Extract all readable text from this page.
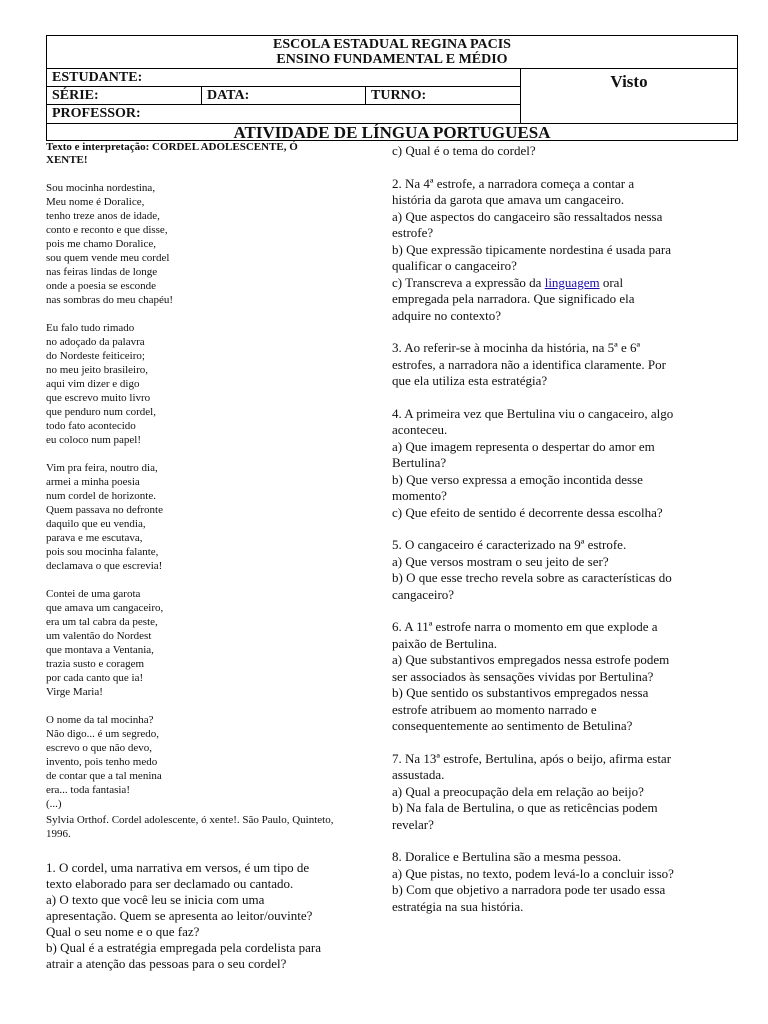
ESCOLA ESTADUAL REGINA PACIS
ENSINO FUNDAMENTAL E MÉDIO
ESTUDANTE:
SÉRIE:	DATA:	TURNO:
PROFESSOR:
Visto
ATIVIDADE DE LÍNGUA PORTUGUESA
Texto e interpretação: CORDEL ADOLESCENTE, Ó
XENTE!
Sou mocinha nordestina,
Meu nome é Doralice,
tenho treze anos de idade,
conto e reconto e que disse,
pois me chamo Doralice,
sou quem vende meu cordel
nas feiras lindas de longe
onde a poesia se esconde
nas sombras do meu chapéu!
Eu falo tudo rimado
no adoçado da palavra
do Nordeste feiticeiro;
no meu jeito brasileiro,
aqui vim dizer e digo
que escrevo muito livro
que penduro num cordel,
todo fato acontecido
eu coloco num papel!
Vim pra feira, noutro dia,
armei a minha poesia
num cordel de horizonte.
Quem passava no defronte
daquilo que eu vendia,
parava e me escutava,
pois sou mocinha falante,
declamava o que escrevia!
Contei de uma garota
que amava um cangaceiro,
era um tal cabra da peste,
um valentão do Nordest
que montava a Ventania,
trazia susto e coragem
por cada canto que ia!
Virge Maria!
O nome da tal mocinha?
Não digo... é um segredo,
escrevo o que não devo,
invento, pois tenho medo
de contar que a tal menina
era... toda fantasia!
(...)
Sylvia Orthof. Cordel adolescente, ó xente!. São Paulo, Quinteto,
1996.
1. O cordel, uma narrativa em versos, é um tipo de
texto elaborado para ser declamado ou cantado.
a) O texto que você leu se inicia com uma
apresentação. Quem se apresenta ao leitor/ouvinte?
Qual o seu nome e o que faz?
b) Qual é a estratégia empregada pela cordelista para
atrair a atenção das pessoas para o seu cordel?
c) Qual é o tema do cordel?
2. Na 4ª estrofe, a narradora começa a contar a
história da garota que amava um cangaceiro.
a) Que aspectos do cangaceiro são ressaltados nessa
estrofe?
b) Que expressão tipicamente nordestina é usada para
qualificar o cangaceiro?
c) Transcreva a expressão da linguagem oral
empregada pela narradora. Que significado ela
adquire no contexto?
3. Ao referir-se à mocinha da história, na 5ª e 6ª
estrofes, a narradora não a identifica claramente. Por
que ela utiliza esta estratégia?
4. A primeira vez que Bertulina viu o cangaceiro, algo
aconteceu.
a) Que imagem representa o despertar do amor em
Bertulina?
b) Que verso expressa a emoção incontida desse
momento?
c) Que efeito de sentido é decorrente dessa escolha?
5. O cangaceiro é caracterizado na 9ª estrofe.
a) Que versos mostram o seu jeito de ser?
b) O que esse trecho revela sobre as características do
cangaceiro?
6. A 11ª estrofe narra o momento em que explode a
paixão de Bertulina.
a) Que substantivos empregados nessa estrofe podem
ser associados às sensações vividas por Bertulina?
b) Que sentido os substantivos empregados nessa
estrofe atribuem ao momento narrado e
consequentemente ao sentimento de Betulina?
7. Na 13ª estrofe, Bertulina, após o beijo, afirma estar
assustada.
a) Qual a preocupação dela em relação ao beijo?
b) Na fala de Bertulina, o que as reticências podem
revelar?
8. Doralice e Bertulina são a mesma pessoa.
a) Que pistas, no texto, podem levá-lo a concluir isso?
b) Com que objetivo a narradora pode ter usado essa
estratégia na sua história.
